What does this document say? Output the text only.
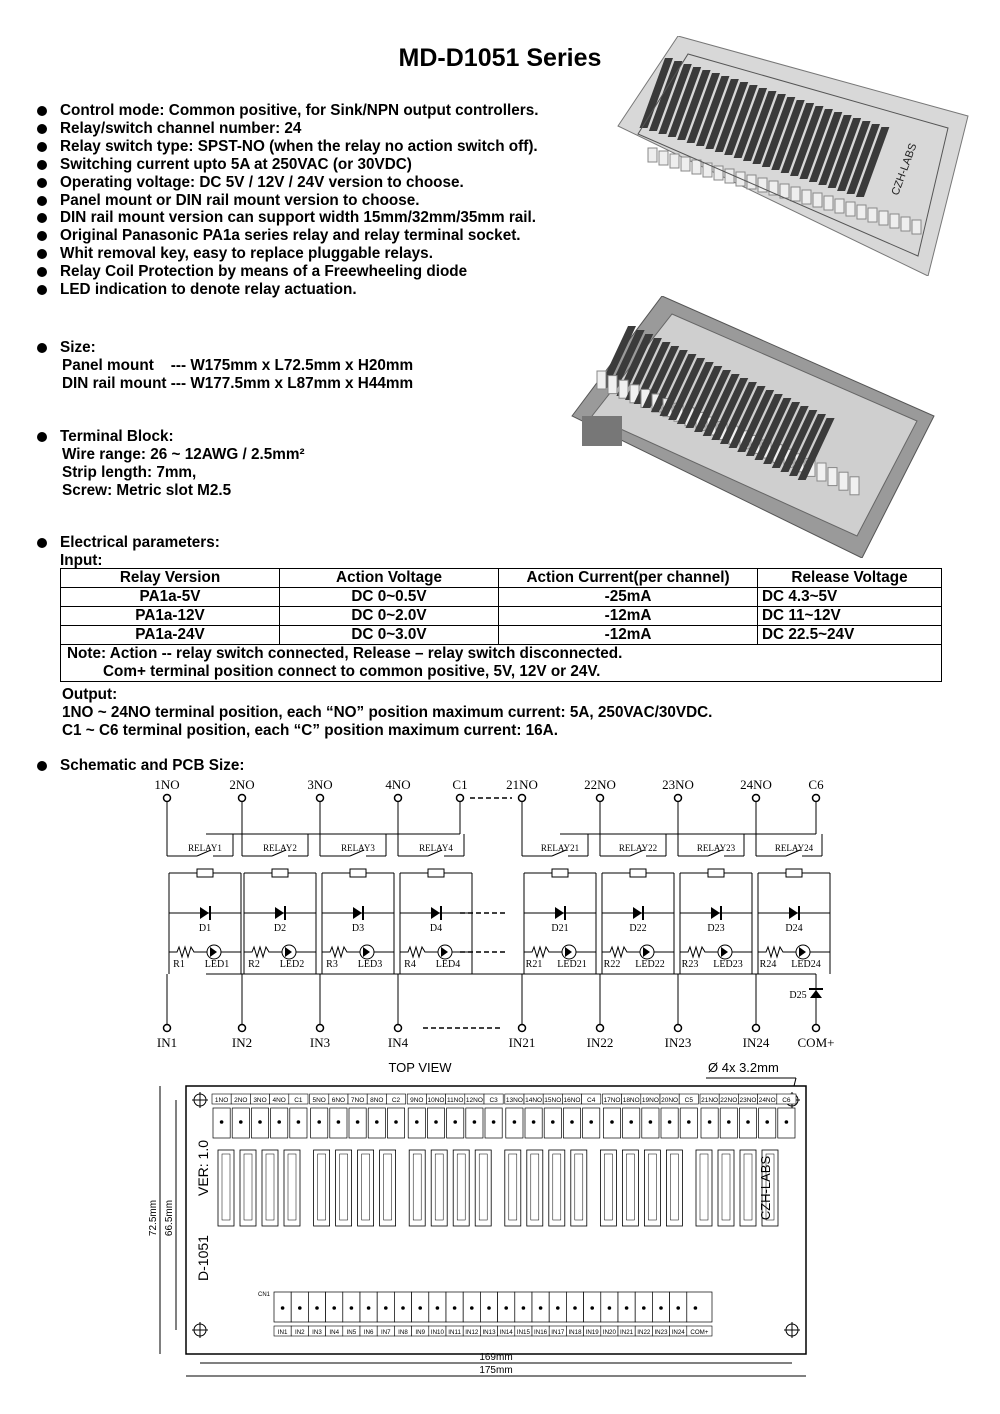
MD-D1051 Series
CZH-LABS
Control mode: Common positive, for Sink/NPN output controllers.
Relay/switch channel number: 24
Relay switch type: SPST-NO (when the relay no action switch off).
Switching current upto 5A at 250VAC (or 30VDC)
Operating voltage: DC 5V / 12V / 24V version to choose.
Panel mount or DIN rail mount version to choose.
DIN rail mount version can support width 15mm/32mm/35mm rail.
Original Panasonic PA1a series relay and relay terminal socket.
Whit removal key, easy to replace pluggable relays.
Relay Coil Protection by means of a Freewheeling diode
LED indication to denote relay actuation.
Size:
Panel mount    --- W175mm x L72.5mm x H20mm
DIN rail mount --- W177.5mm x L87mm x H44mm
Terminal Block:
Wire range: 26 ~ 12AWG / 2.5mm²
Strip length: 7mm,
Screw: Metric slot M2.5
Electrical parameters:
Input:
Relay Version	Action Voltage	Action Current(per channel)	Release Voltage
PA1a-5V	DC 0~0.5V	-25mA	DC 4.3~5V
PA1a-12V	DC 0~2.0V	-12mA	DC 11~12V
PA1a-24V	DC 0~3.0V	-12mA	DC 22.5~24V

Note: Action -- relay switch connected, Release – relay switch disconnected.
Com+ terminal position connect to common positive, 5V, 12V or 24V.			
Output:
1NO ~ 24NO terminal position, each “NO” position maximum current: 5A, 250VAC/30VDC.
C1 ~ C6 terminal position, each “C” position maximum current: 16A.
Schematic and PCB Size:
1NO	2NO	3NO	4NO	C1	21NO	22NO	23NO	24NO	C6
RELAY1
D1
R1 LED1
IN1
RELAY2
D2
R2 LED2
IN2
RELAY3
D3
R3 LED3
IN3
RELAY4
D4
R4 LED4
IN4
RELAY21
D21
R21 LED21
IN21
RELAY22
D22
R22 LED22
IN22
RELAY23
D23
R23 LED23
IN23
RELAY24
D24
R24 LED24
IN24
D25
COM+
TOP VIEW	Ø 4x 3.2mm
1NO 2NO 3NO 4NO C1 5NO 6NO 7NO 8NO C2 9NO 10NO 11NO 12NO C3 13NO 14NO 15NO 16NO C4 17NO 18NO 19NO 20NO C5 21NO 22NO 23NO 24NO C6
D-1051
VER: 1.0	CZH-LABS
CN1
IN1 IN2 IN3 IN4 IN5 IN6 IN7 IN8 IN9 IN10 IN11 IN12 IN13 IN14 IN15 IN16 IN17 IN18 IN19 IN20 IN21 IN22 IN23 IN24 COM+
72.5mm 66.5mm
169mm
175mm
